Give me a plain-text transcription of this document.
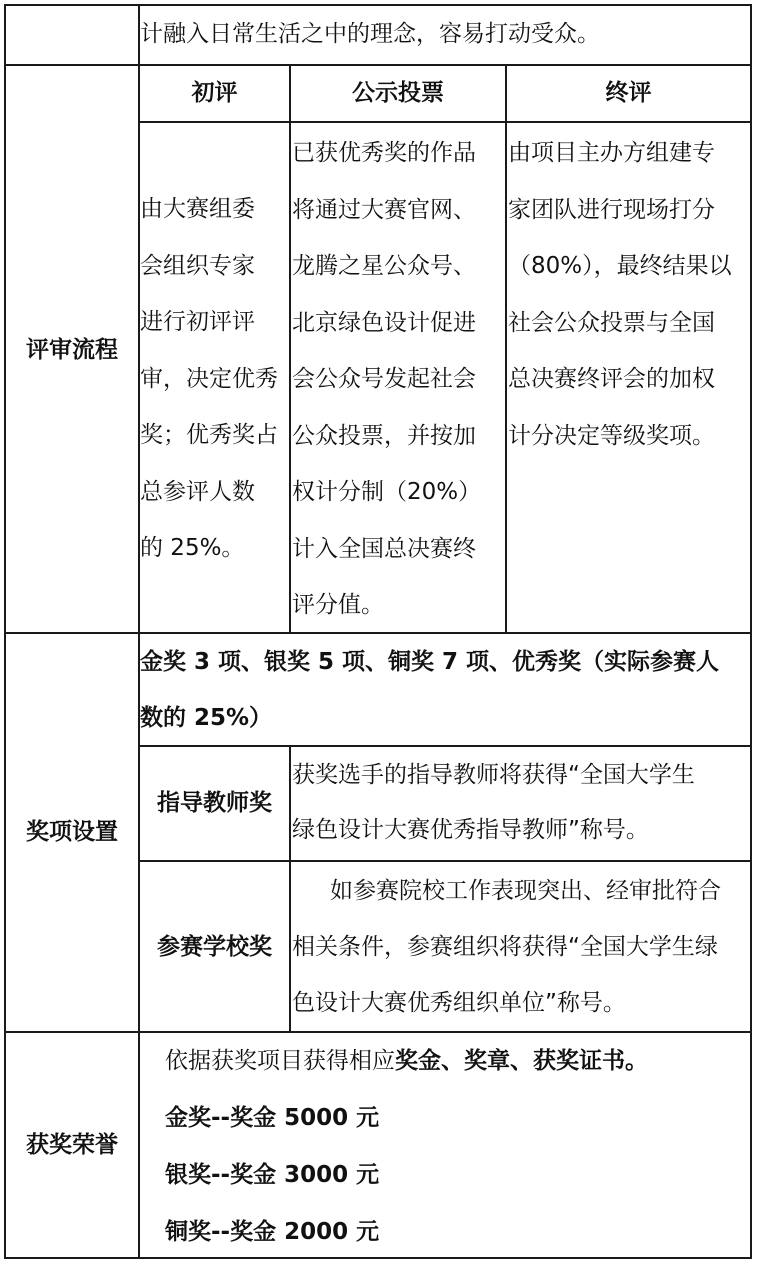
计融入日常生活之中的理念，容易打动受众。
评审流程
初评	公示投票	终评
由大赛组委
会组织专家
进行初评评
审，决定优秀
奖；优秀奖占
总参评人数
的 25%。
已获优秀奖的作品
将通过大赛官网、
龙腾之星公众号、
北京绿色设计促进
会公众号发起社会
公众投票，并按加
权计分制（20%）
计入全国总决赛终
评分值。
由项目主办方组建专
家团队进行现场打分
（80%），最终结果以
社会公众投票与全国
总决赛终评会的加权
计分决定等级奖项。
奖项设置
金奖 3 项、银奖 5 项、铜奖 7 项、优秀奖（实际参赛人
数的 25%）
指导教师奖
获奖选手的指导教师将获得“全国大学生
绿色设计大赛优秀指导教师”称号。
参赛学校奖
如参赛院校工作表现突出、经审批符合
相关条件，参赛组织将获得“全国大学生绿
色设计大赛优秀组织单位”称号。
获奖荣誉
依据获奖项目获得相应奖金、奖章、获奖证书。
金奖--奖金 5000 元
银奖--奖金 3000 元
铜奖--奖金 2000 元
